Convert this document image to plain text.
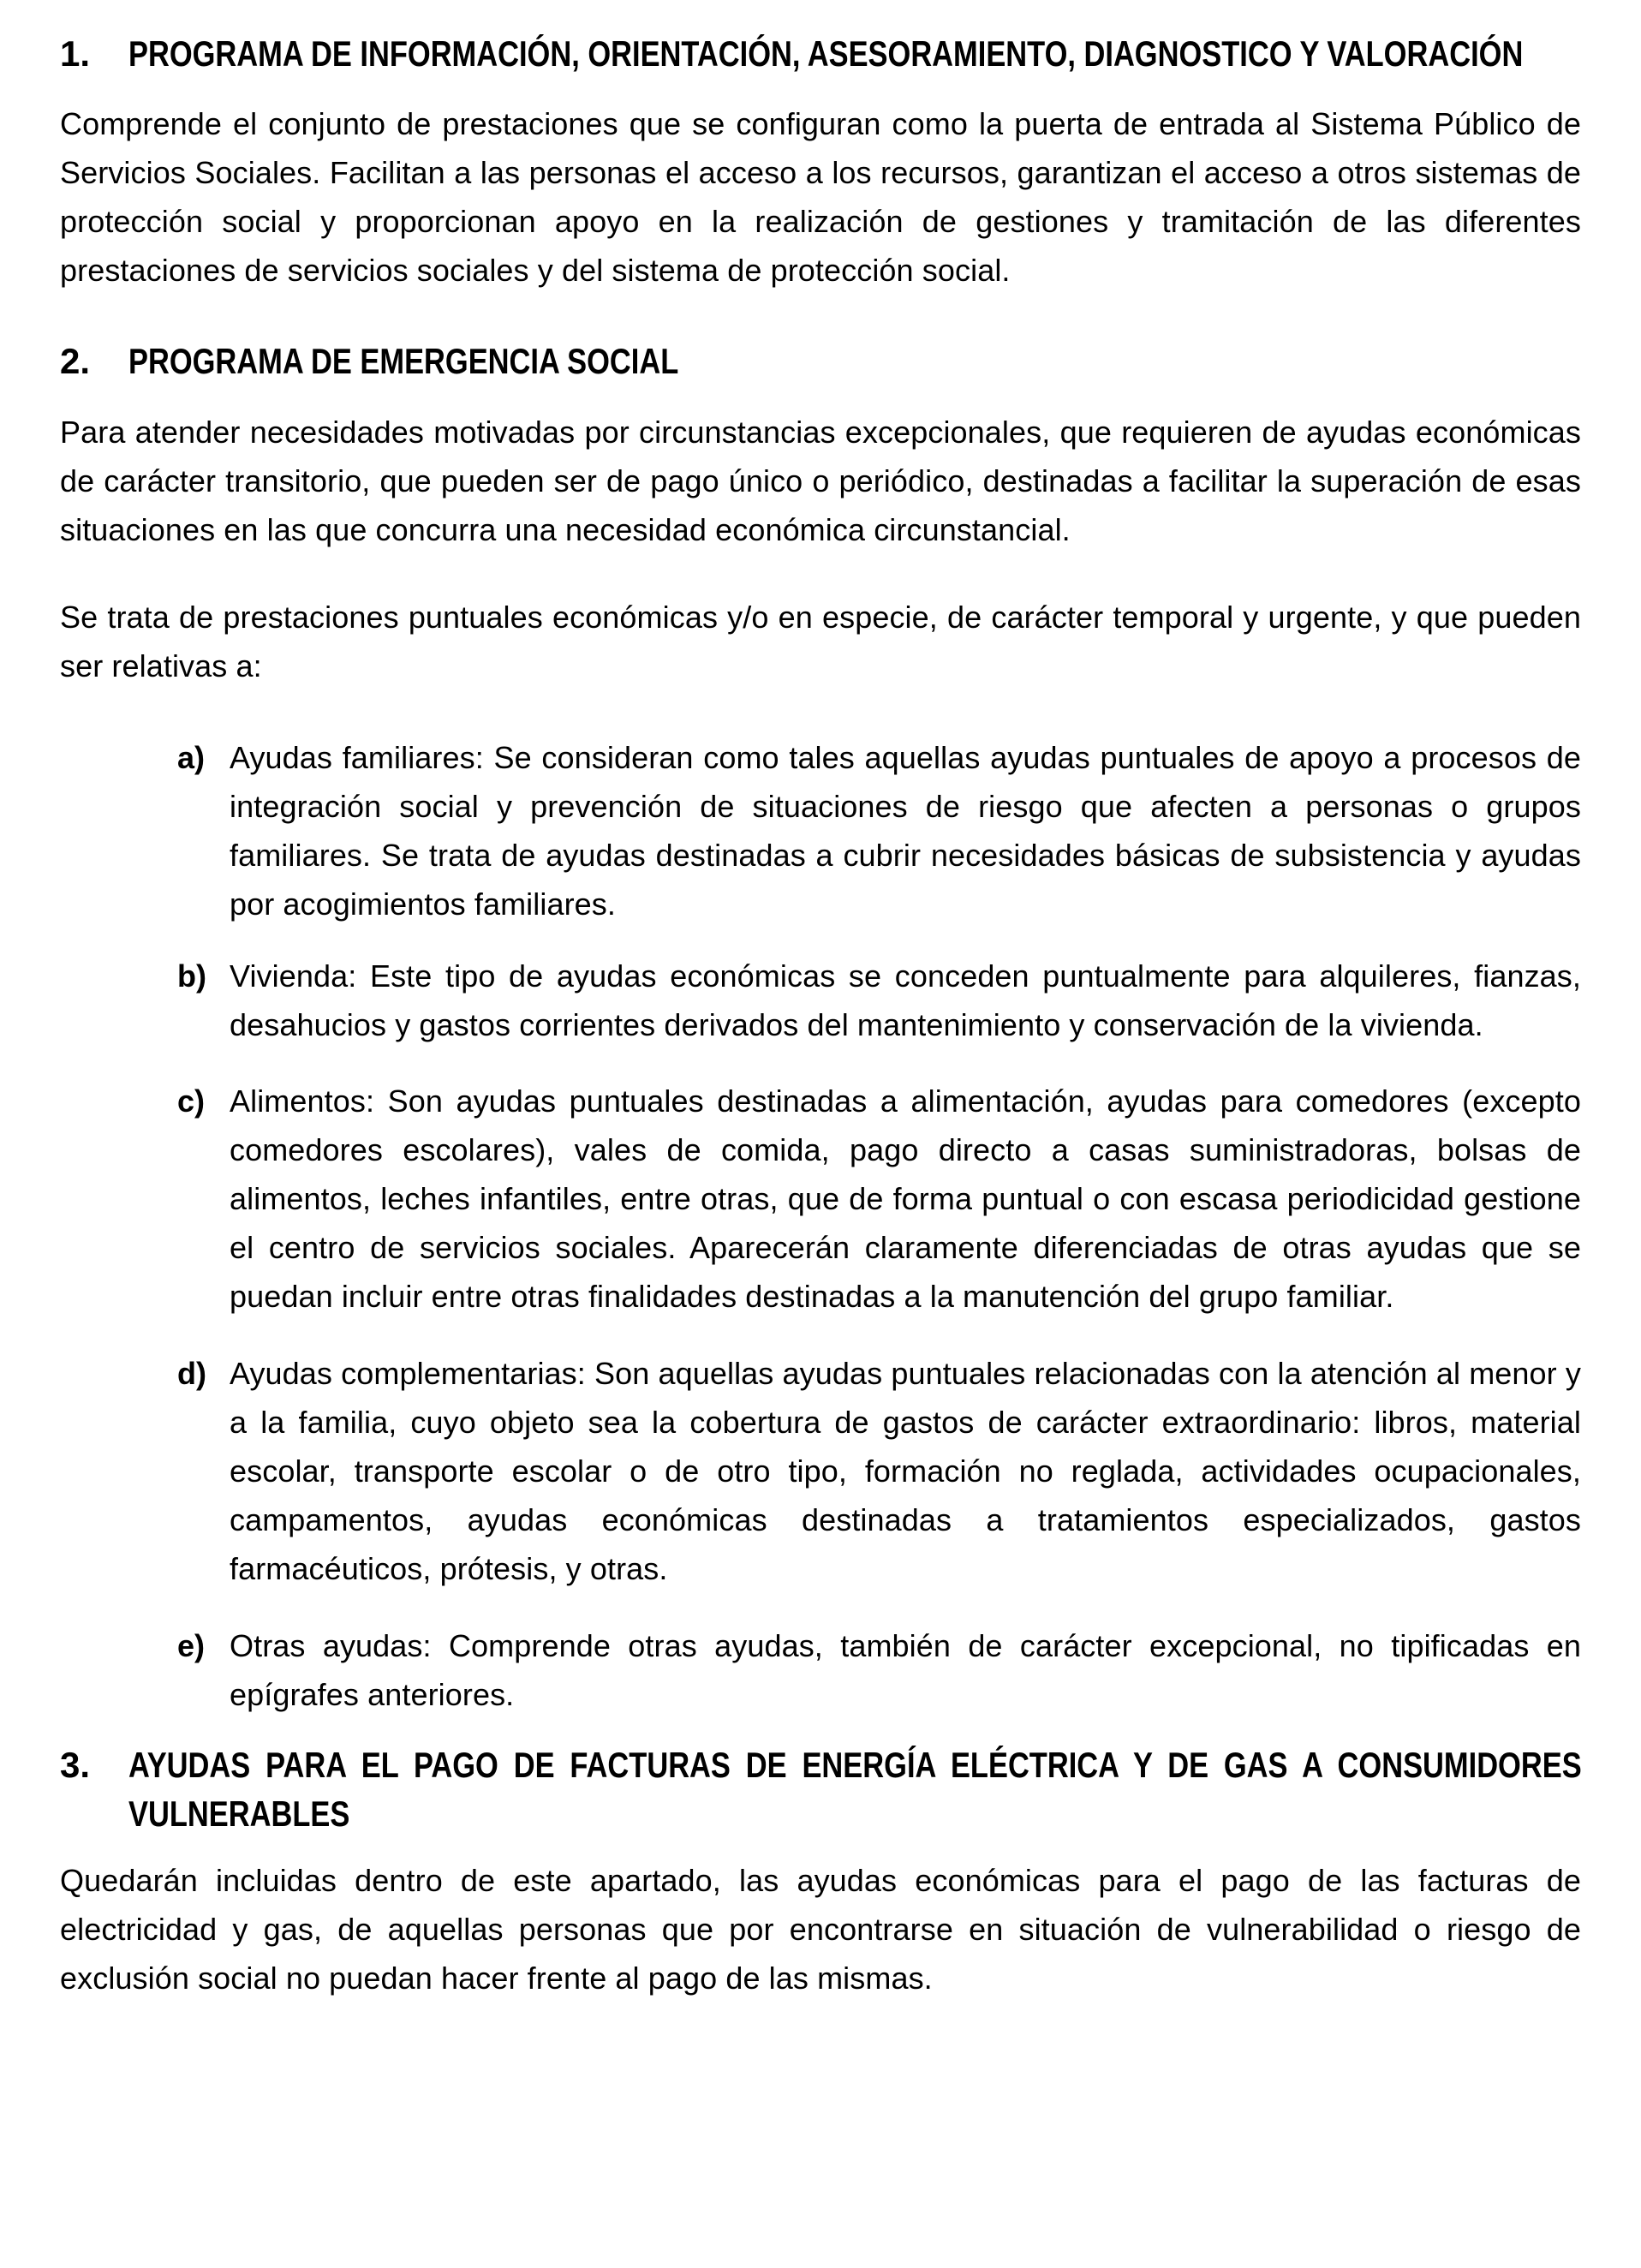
1.	PROGRAMA DE INFORMACIÓN, ORIENTACIÓN, ASESORAMIENTO, DIAGNOSTICO Y VALORACIÓN

Comprende el conjunto de prestaciones que se configuran como la puerta de entrada al Sistema Público de Servicios Sociales. Facilitan a las personas el acceso a los recursos, garantizan el acceso a otros sistemas de protección social y proporcionan apoyo en la realización de gestiones y tramitación de las diferentes prestaciones de servicios sociales y del sistema de protección social.

2.	PROGRAMA DE EMERGENCIA SOCIAL

Para atender necesidades motivadas por circunstancias excepcionales, que requieren de ayudas económicas de carácter transitorio, que pueden ser de pago único o periódico, destinadas a facilitar la superación de esas situaciones en las que concurra una necesidad económica circunstancial.

Se trata de prestaciones puntuales económicas y/o en especie, de carácter temporal y urgente, y que pueden ser relativas a:

a) Ayudas familiares: Se consideran como tales aquellas ayudas puntuales de apoyo a procesos de integración social y prevención de situaciones de riesgo que afecten a personas o grupos familiares. Se trata de ayudas destinadas a cubrir necesidades básicas de subsistencia y ayudas por acogimientos familiares.
b) Vivienda: Este tipo de ayudas económicas se conceden puntualmente para alquileres, fianzas, desahucios y gastos corrientes derivados del mantenimiento y conservación de la vivienda.
c) Alimentos: Son ayudas puntuales destinadas a alimentación, ayudas para comedores (excepto comedores escolares), vales de comida, pago directo a casas suministradoras, bolsas de alimentos, leches infantiles, entre otras, que de forma puntual o con escasa periodicidad gestione el centro de servicios sociales. Aparecerán claramente diferenciadas de otras ayudas que se puedan incluir entre otras finalidades destinadas a la manutención del grupo familiar.
d) Ayudas complementarias: Son aquellas ayudas puntuales relacionadas con la atención al menor y a la familia, cuyo objeto sea la cobertura de gastos de carácter extraordinario: libros, material escolar, transporte escolar o de otro tipo, formación no reglada, actividades ocupacionales, campamentos, ayudas económicas destinadas a tratamientos especializados, gastos farmacéuticos, prótesis, y otras.
e) Otras ayudas: Comprende otras ayudas, también de carácter excepcional, no tipificadas en epígrafes anteriores.
3.	AYUDAS PARA EL PAGO DE FACTURAS DE ENERGÍA ELÉCTRICA Y DE GAS A CONSUMIDORES VULNERABLES

Quedarán incluidas dentro de este apartado, las ayudas económicas para el pago de las facturas de electricidad y gas, de aquellas personas que por encontrarse en situación de vulnerabilidad o riesgo de exclusión social no puedan hacer frente al pago de las mismas.
